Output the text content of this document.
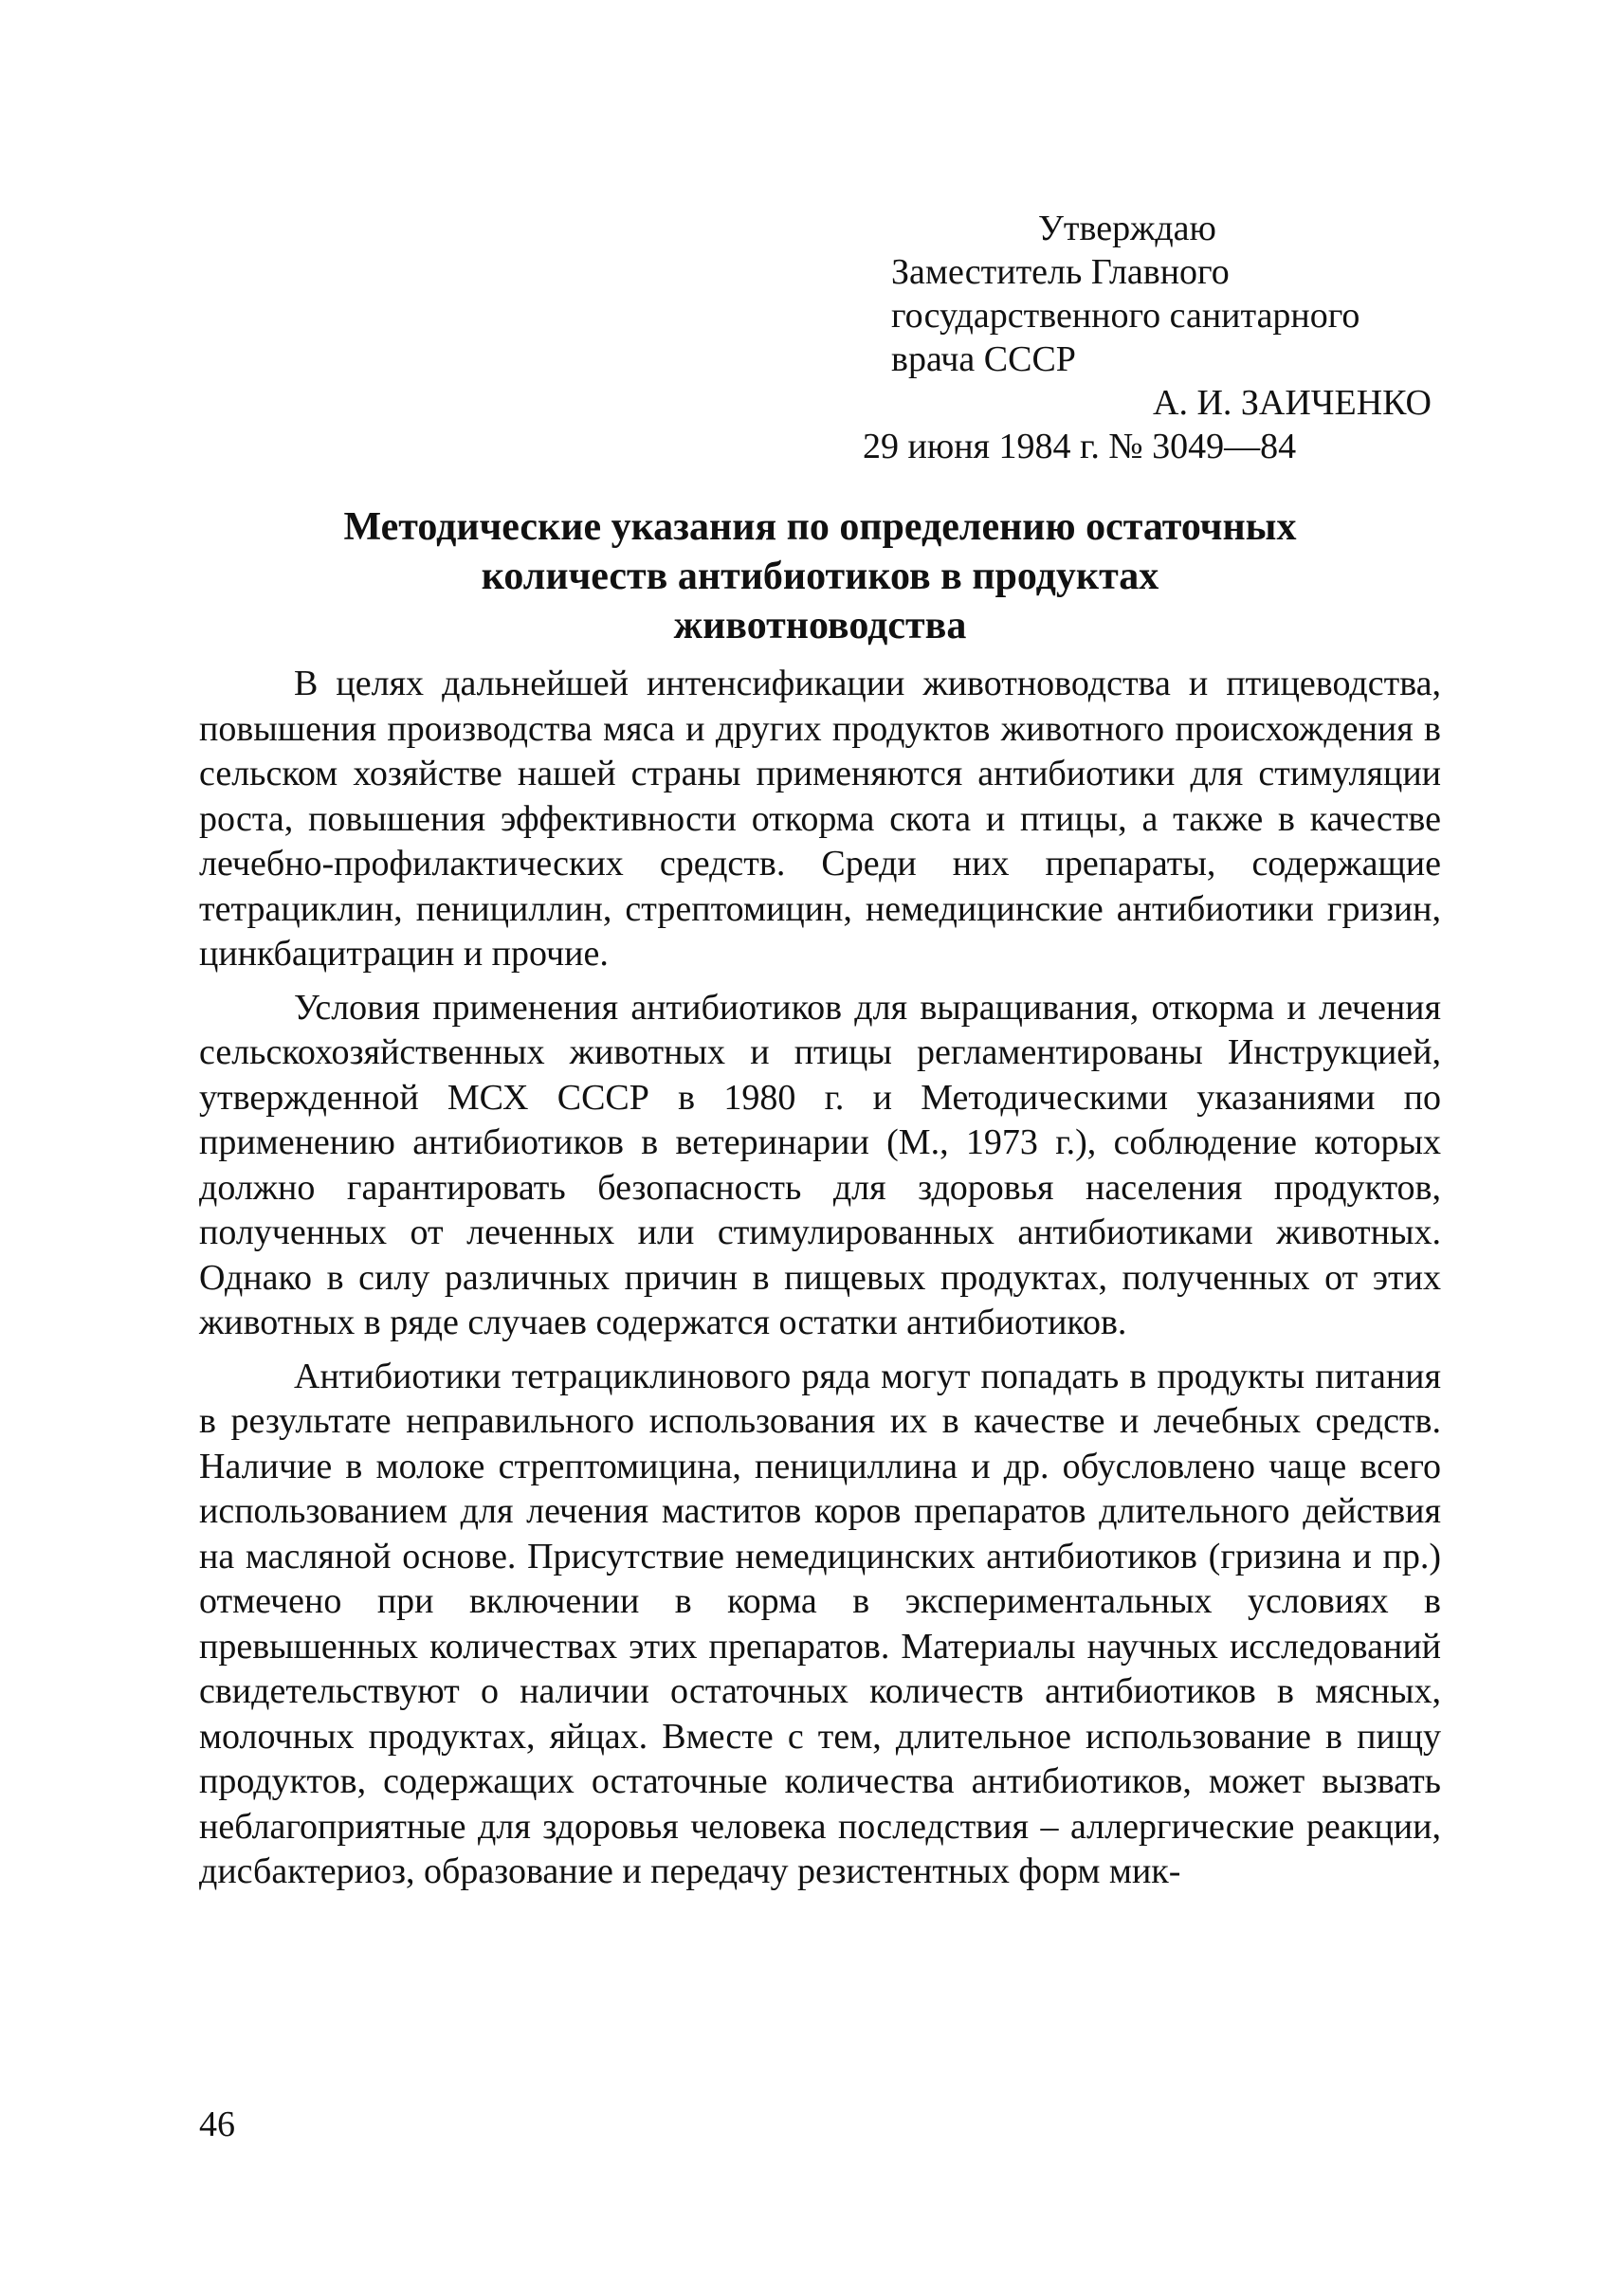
Утверждаю
Заместитель Главного
государственного санитарного
врача СССР
А. И. ЗАИЧЕНКО
29 июня 1984 г. № 3049—84
Методические указания по определению остаточных
количеств антибиотиков в продуктах
животноводства

В целях дальнейшей интенсификации животноводства и птицеводства, повышения производства мяса и других продуктов животного происхождения в сельском хозяйстве нашей страны применяются антибиотики для стимуляции роста, повышения эффективности откорма скота и птицы, а также в качестве лечебно-профилактических средств. Среди них препараты, содержащие тетрациклин, пенициллин, стрептомицин, немедицинские антибиотики гризин, цинкбацитрацин и прочие.

Условия применения антибиотиков для выращивания, откорма и лечения сельскохозяйственных животных и птицы регламентированы Инструкцией, утвержденной МСХ СССР в 1980 г. и Методическими указаниями по применению антибиотиков в ветеринарии (М., 1973 г.), соблюдение которых должно гарантировать безопасность для здоровья населения продуктов, полученных от леченных или стимулированных антибиотиками животных. Однако в силу различных причин в пищевых продуктах, полученных от этих животных в ряде случаев содержатся остатки антибиотиков.

Антибиотики тетрациклинового ряда могут попадать в продукты питания в результате неправильного использования их в качестве и лечебных средств. Наличие в молоке стрептомицина, пенициллина и др. обусловлено чаще всего использованием для лечения маститов коров препаратов длительного действия на масляной основе. Присутствие немедицинских антибиотиков (гризина и пр.) отмечено при включении в корма в экспериментальных условиях в превышенных количествах этих препаратов. Материалы научных исследований свидетельствуют о наличии остаточных количеств антибиотиков в мясных, молочных продуктах, яйцах. Вместе с тем, длительное использование в пищу продуктов, содержащих остаточные количества антибиотиков, может вызвать неблагоприятные для здоровья человека последствия – аллергические реакции, дисбактериоз, образование и передачу резистентных форм мик-

46
